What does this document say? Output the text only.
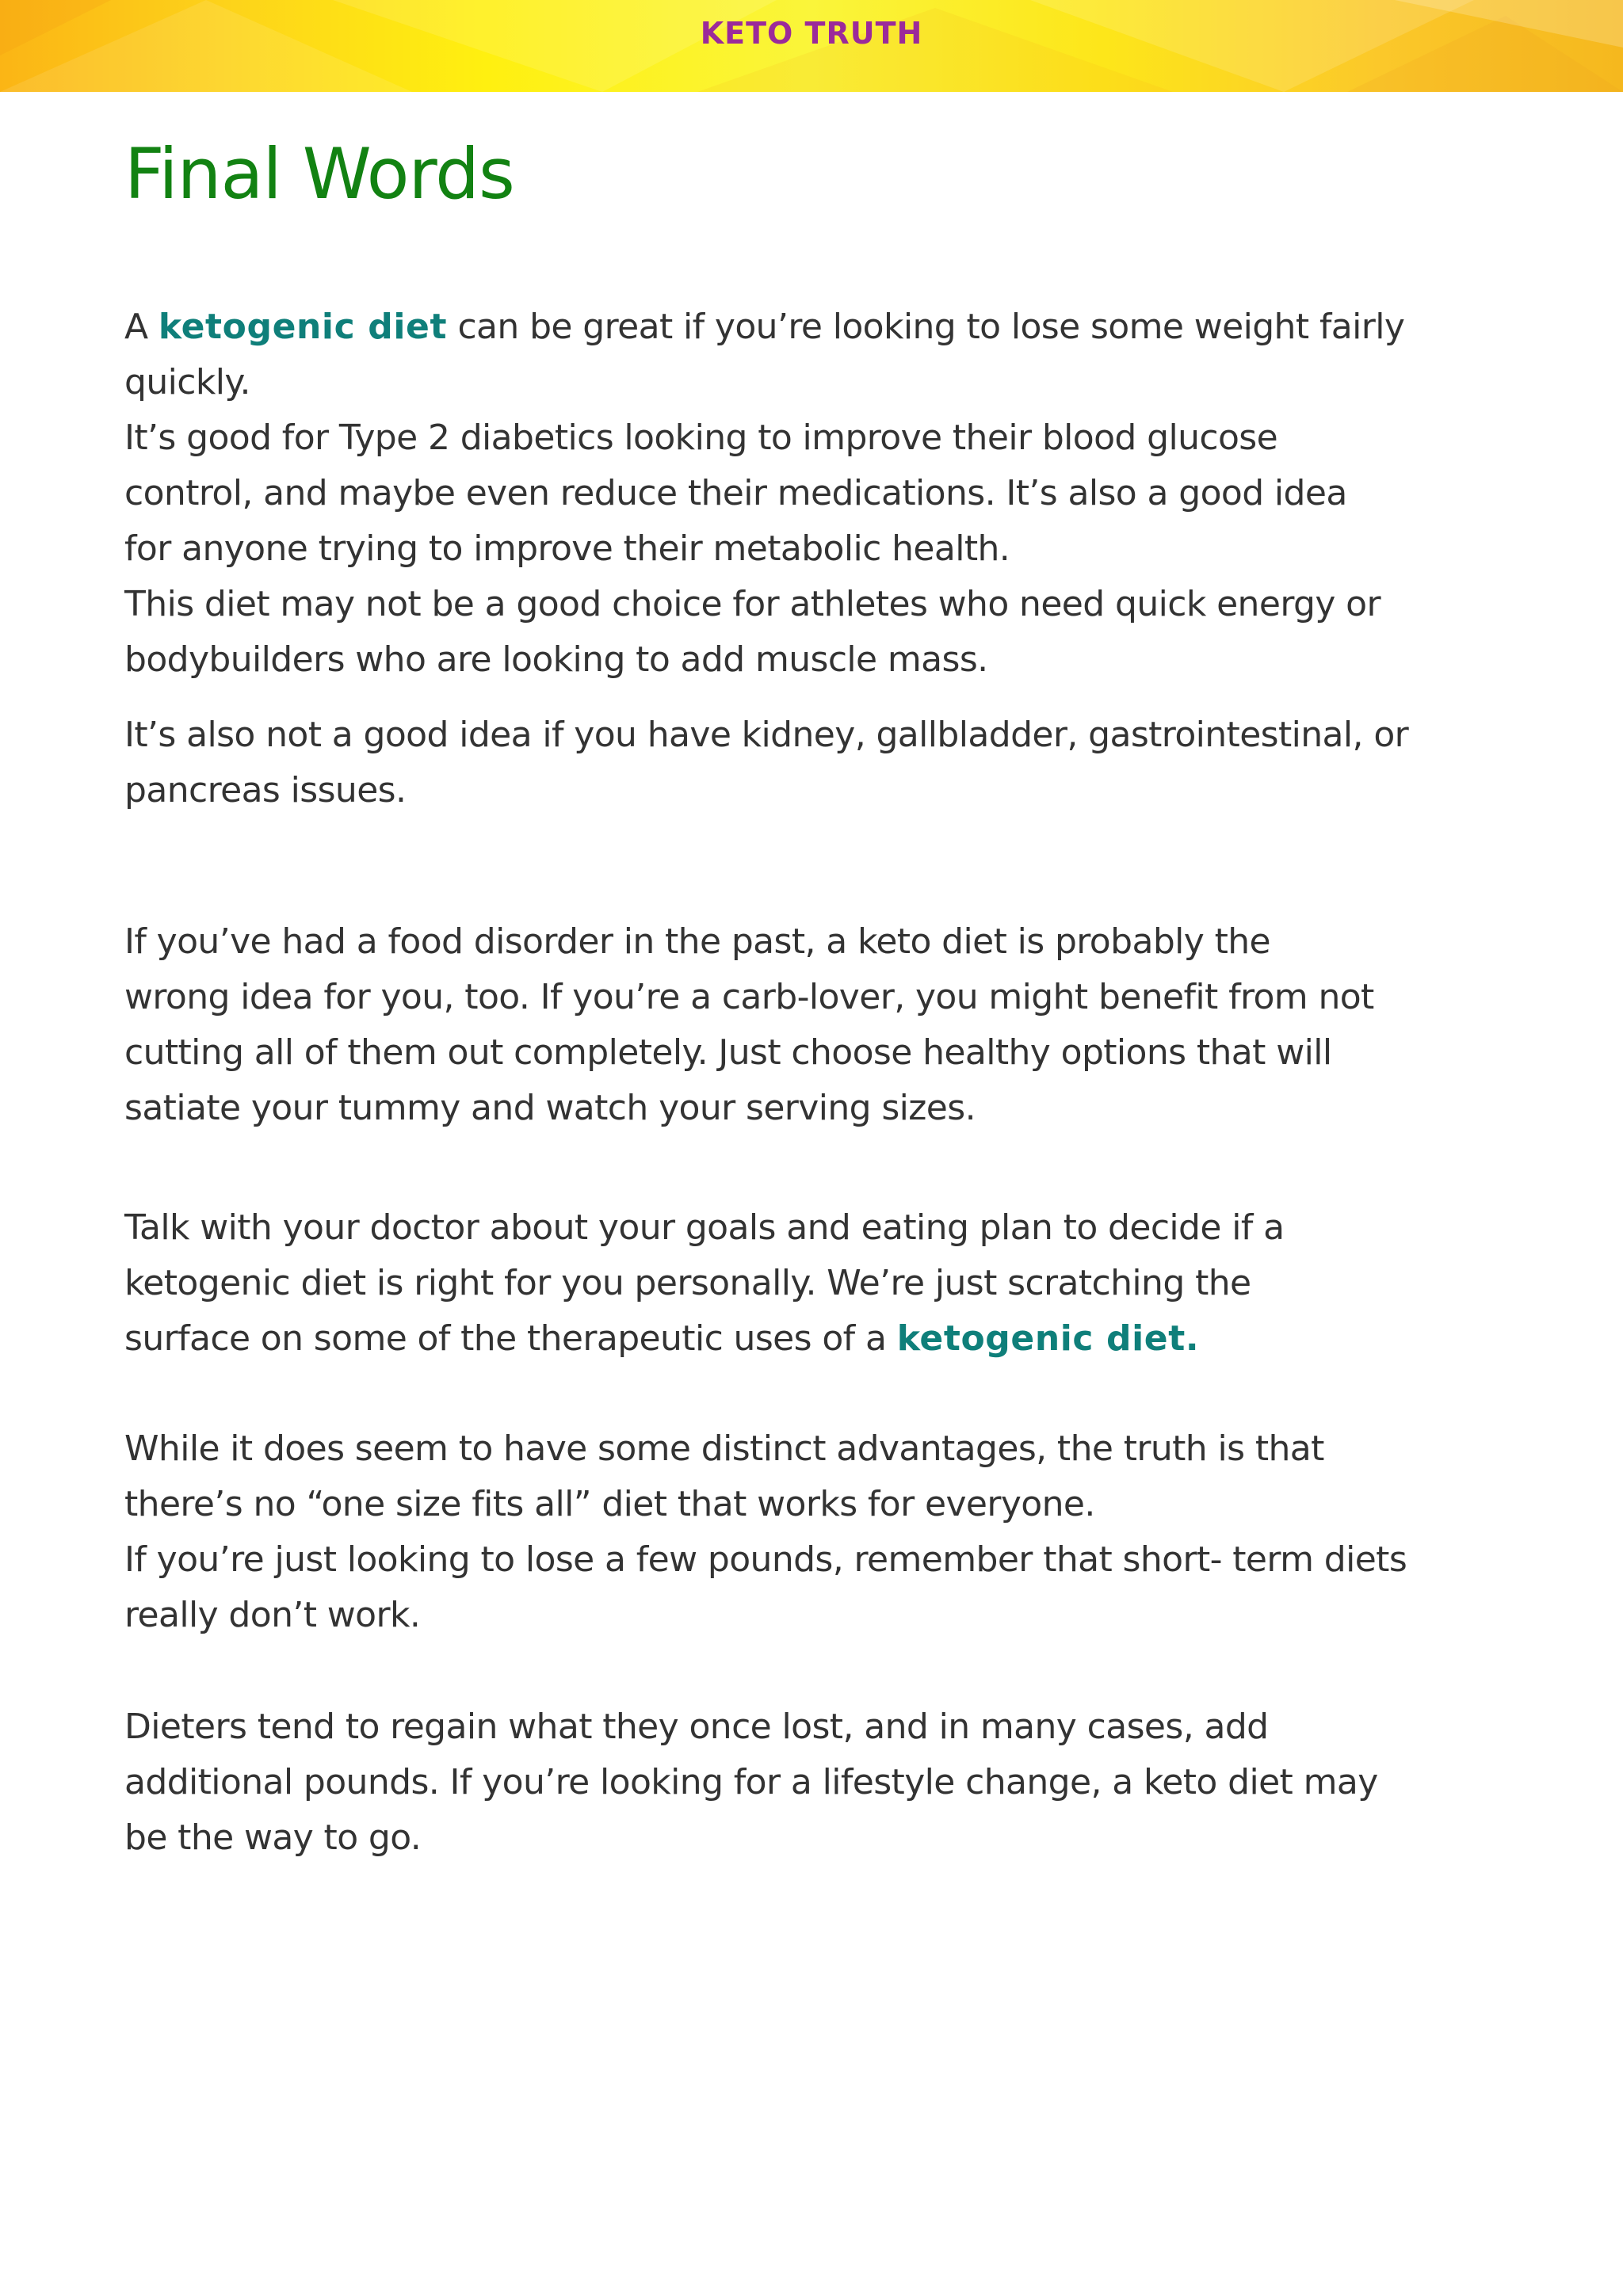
KETO TRUTH
Final Words
A ketogenic diet can be great if you’re looking to lose some weight fairly
quickly.
It’s good for Type 2 diabetics looking to improve their blood glucose
control, and maybe even reduce their medications. It’s also a good idea
for anyone trying to improve their metabolic health.
This diet may not be a good choice for athletes who need quick energy or
bodybuilders who are looking to add muscle mass.
It’s also not a good idea if you have kidney, gallbladder, gastrointestinal, or
pancreas issues.
If you’ve had a food disorder in the past, a keto diet is probably the
wrong idea for you, too. If you’re a carb-lover, you might benefit from not
cutting all of them out completely. Just choose healthy options that will
satiate your tummy and watch your serving sizes.
Talk with your doctor about your goals and eating plan to decide if a
ketogenic diet is right for you personally. We’re just scratching the
surface on some of the therapeutic uses of a ketogenic diet.
While it does seem to have some distinct advantages, the truth is that
there’s no “one size fits all” diet that works for everyone.
If you’re just looking to lose a few pounds, remember that short- term diets
really don’t work.
Dieters tend to regain what they once lost, and in many cases, add
additional pounds. If you’re looking for a lifestyle change, a keto diet may
be the way to go.
